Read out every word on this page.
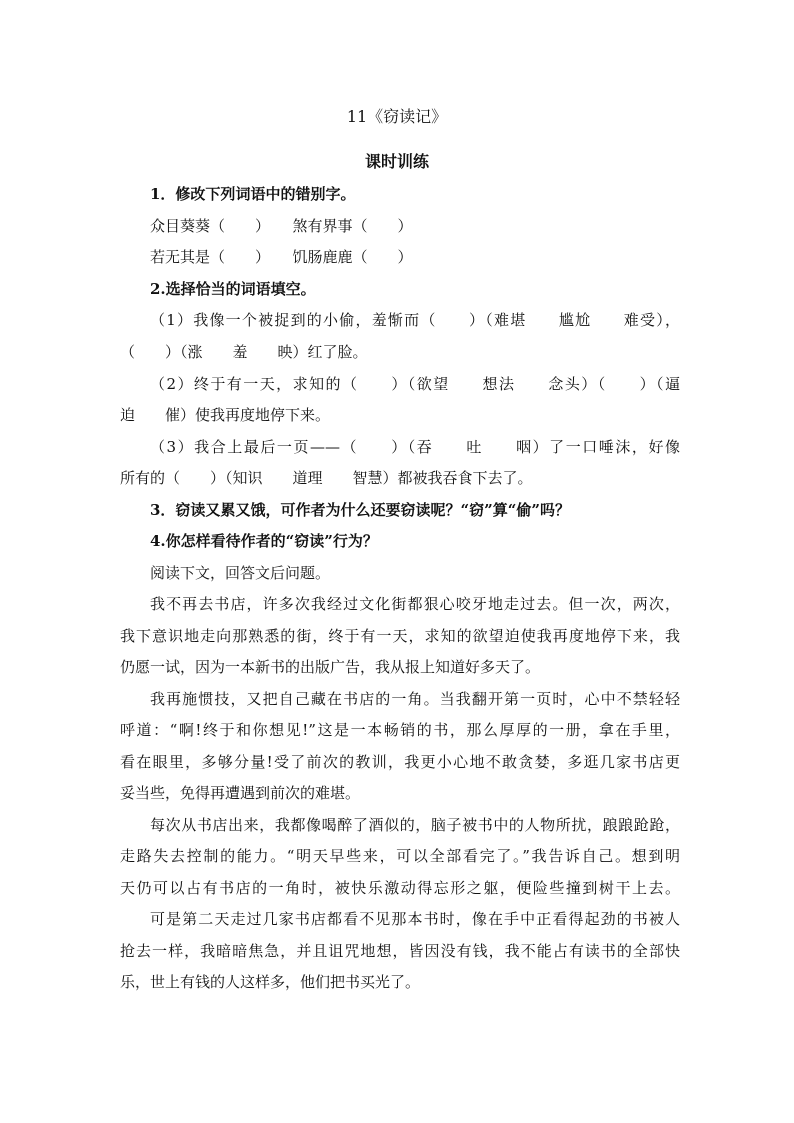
11《窃读记》
课时训练
1．修改下列词语中的错别字。
众目葵葵（　　）　　煞有界事（　　）
若无其是（　　）　　饥肠鹿鹿（　　）
2.选择恰当的词语填空。
（1）我像一个被捉到的小偷，羞惭而（　　）（难堪　　尴尬　　难受），
（　　）（涨　　羞　　映）红了脸。
（2）终于有一天，求知的（　　）（欲望　　想法　　念头）（　　）（逼
迫　　催）使我再度地停下来。
（3）我合上最后一页——（　　）（吞　　吐　　咽）了一口唾沫，好像
所有的（　　）（知识　　道理　　智慧）都被我吞食下去了。
3．窃读又累又饿，可作者为什么还要窃读呢？“窃”算“偷”吗？
4.你怎样看待作者的“窃读”行为？
阅读下文，回答文后问题。
我不再去书店，许多次我经过文化街都狠心咬牙地走过去。但一次，两次，
我下意识地走向那熟悉的街，终于有一天，求知的欲望迫使我再度地停下来，我
仍愿一试，因为一本新书的出版广告，我从报上知道好多天了。
我再施惯技，又把自己藏在书店的一角。当我翻开第一页时，心中不禁轻轻
呼道：“啊!终于和你想见!”这是一本畅销的书，那么厚厚的一册，拿在手里，
看在眼里，多够分量!受了前次的教训，我更小心地不敢贪婪，多逛几家书店更
妥当些，免得再遭遇到前次的难堪。
每次从书店出来，我都像喝醉了酒似的，脑子被书中的人物所扰，踉踉跄跄，
走路失去控制的能力。“明天早些来，可以全部看完了。”我告诉自己。想到明
天仍可以占有书店的一角时，被快乐激动得忘形之躯，便险些撞到树干上去。
可是第二天走过几家书店都看不见那本书时，像在手中正看得起劲的书被人
抢去一样，我暗暗焦急，并且诅咒地想，皆因没有钱，我不能占有读书的全部快
乐，世上有钱的人这样多，他们把书买光了。
